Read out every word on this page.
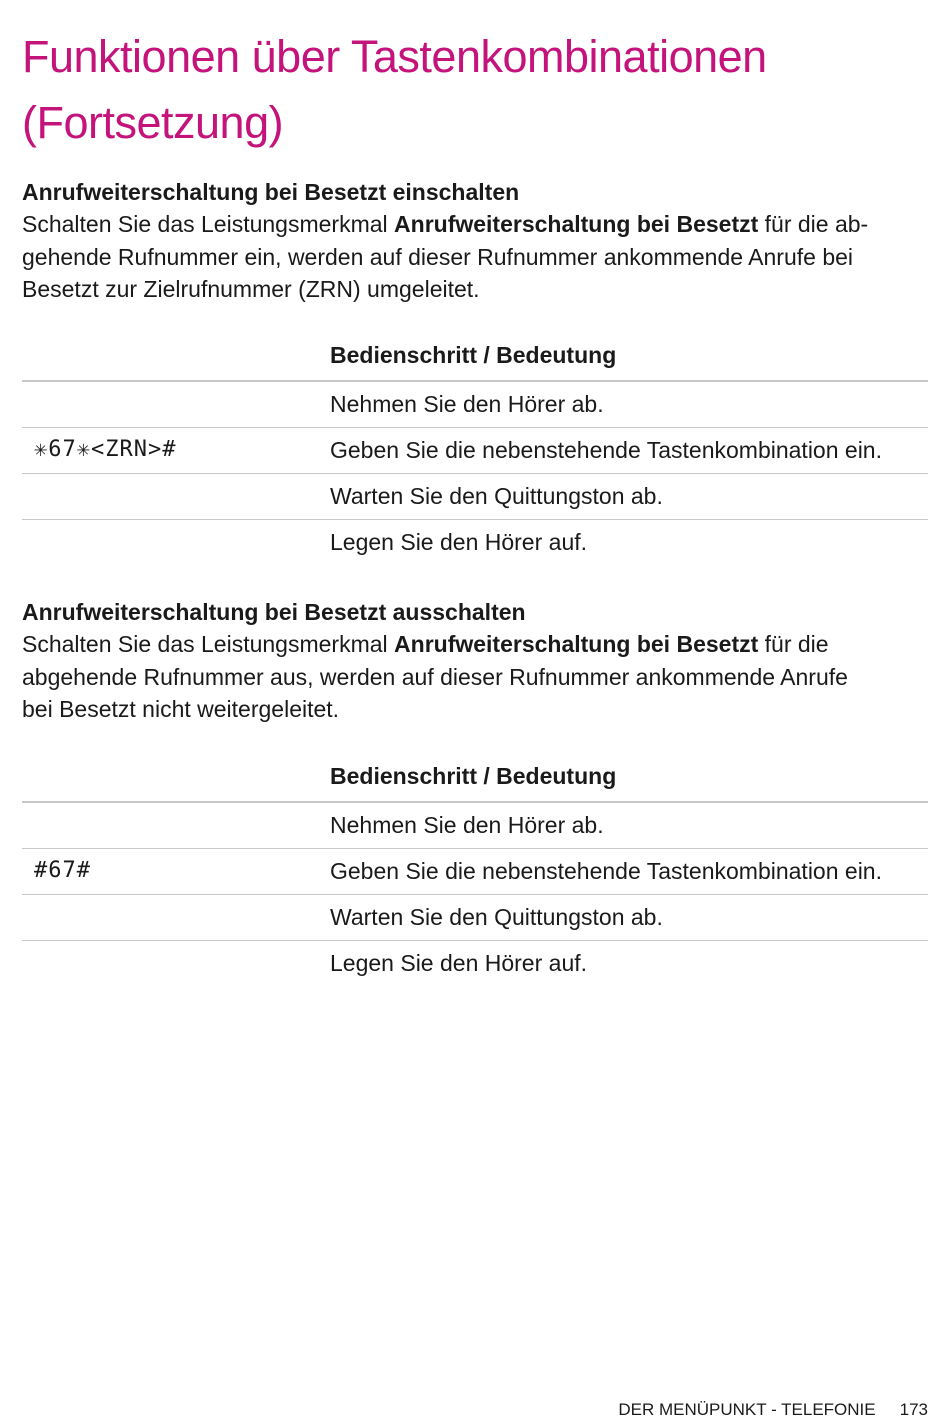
Funktionen über Tastenkombinationen
(Fortsetzung)

Anrufweiterschaltung bei Besetzt einschalten

Schalten Sie das Leistungsmerkmal Anrufweiterschaltung bei Besetzt für die ab-
gehende Rufnummer ein, werden auf dieser Rufnummer ankommende Anrufe bei
Besetzt zur Zielrufnummer (ZRN) umgeleitet.

Bedienschritt / Bedeutung
Nehmen Sie den Hörer ab.
✳67✳<ZRN>#	Geben Sie die nebenstehende Tastenkombination ein.
Warten Sie den Quittungston ab.
Legen Sie den Hörer auf.

Anrufweiterschaltung bei Besetzt ausschalten

Schalten Sie das Leistungsmerkmal Anrufweiterschaltung bei Besetzt für die
abgehende Rufnummer aus, werden auf dieser Rufnummer ankommende Anrufe
bei Besetzt nicht weitergeleitet.

Bedienschritt / Bedeutung
Nehmen Sie den Hörer ab.
#67#	Geben Sie die nebenstehende Tastenkombination ein.
Warten Sie den Quittungston ab.
Legen Sie den Hörer auf.
DER MENÜPUNKT - TELEFONIE 173
